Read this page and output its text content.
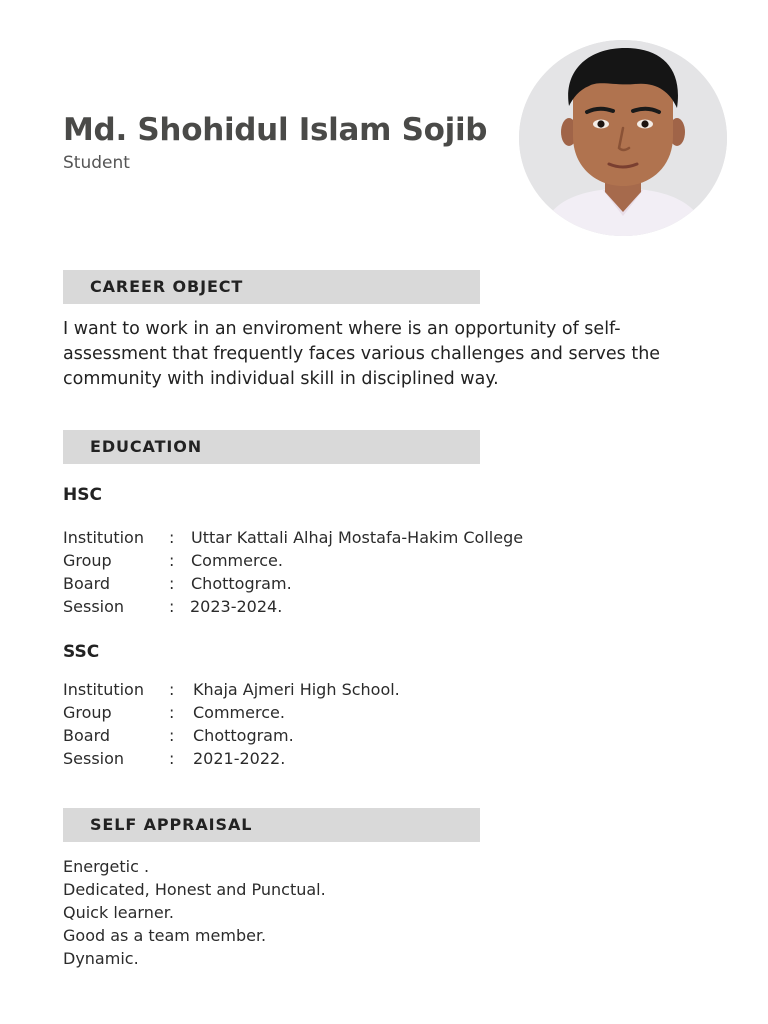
Md. Shohidul Islam Sojib
Student
CAREER OBJECT
I want to work in an enviroment where is an opportunity of self-assessment that frequently faces various challenges and serves the community with individual skill in disciplined way.
EDUCATION
HSC
Institution : Uttar Kattali Alhaj Mostafa-Hakim College
Group	: Commerce.
Board	: Chottogram.
Session	: 2023-2024.
SSC
Institution : Khaja Ajmeri High School.
Group	: Commerce.
Board	: Chottogram.
Session	: 2021-2022.
SELF APPRAISAL
Energetic .
Dedicated, Honest and Punctual.
Quick learner.
Good as a team member.
Dynamic.
